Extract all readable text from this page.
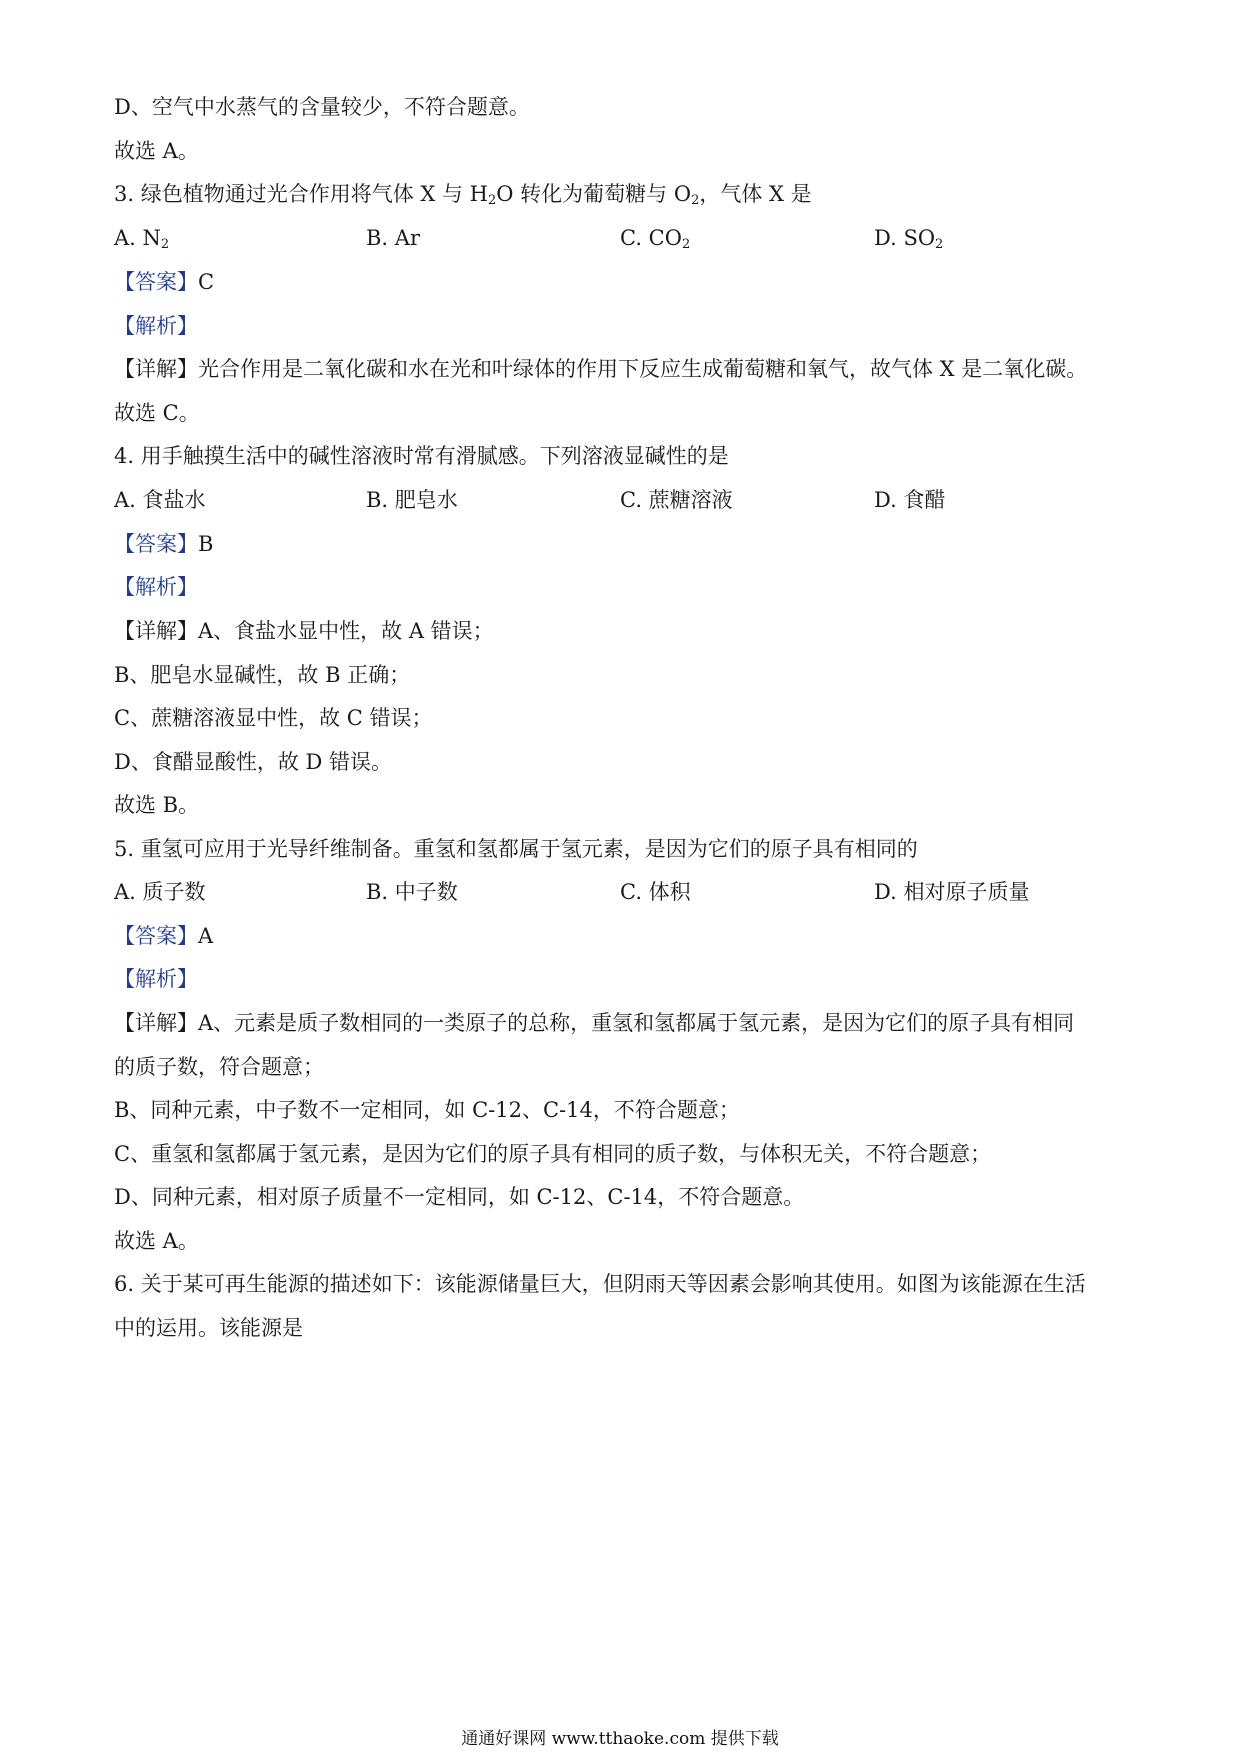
D、空气中水蒸气的含量较少，不符合题意。
故选 A。
3. 绿色植物通过光合作用将气体 X 与 $H_2O$ 转化为葡萄糖与 $O_2$，气体 X 是
A. $N_2$	B. Ar	C. $CO_2$	D. $SO_2$
【答案】C
【解析】
【详解】光合作用是二氧化碳和水在光和叶绿体的作用下反应生成葡萄糖和氧气，故气体 X 是二氧化碳。
故选 C。
4. 用手触摸生活中的碱性溶液时常有滑腻感。下列溶液显碱性的是
A. 食盐水	B. 肥皂水	C. 蔗糖溶液	D. 食醋
【答案】B
【解析】
【详解】A、食盐水显中性，故 A 错误；
B、肥皂水显碱性，故 B 正确；
C、蔗糖溶液显中性，故 C 错误；
D、食醋显酸性，故 D 错误。
故选 B。
5. 重氢可应用于光导纤维制备。重氢和氢都属于氢元素，是因为它们的原子具有相同的
A. 质子数	B. 中子数	C. 体积	D. 相对原子质量
【答案】A
【解析】
【详解】A、元素是质子数相同的一类原子的总称，重氢和氢都属于氢元素，是因为它们的原子具有相同
的质子数，符合题意；
B、同种元素，中子数不一定相同，如 C-12、C-14，不符合题意；
C、重氢和氢都属于氢元素，是因为它们的原子具有相同的质子数，与体积无关，不符合题意；
D、同种元素，相对原子质量不一定相同，如 C-12、C-14，不符合题意。
故选 A。
6. 关于某可再生能源的描述如下：该能源储量巨大，但阴雨天等因素会影响其使用。如图为该能源在生活
中的运用。该能源是
通通好课网 www.tthaoke.com 提供下载
